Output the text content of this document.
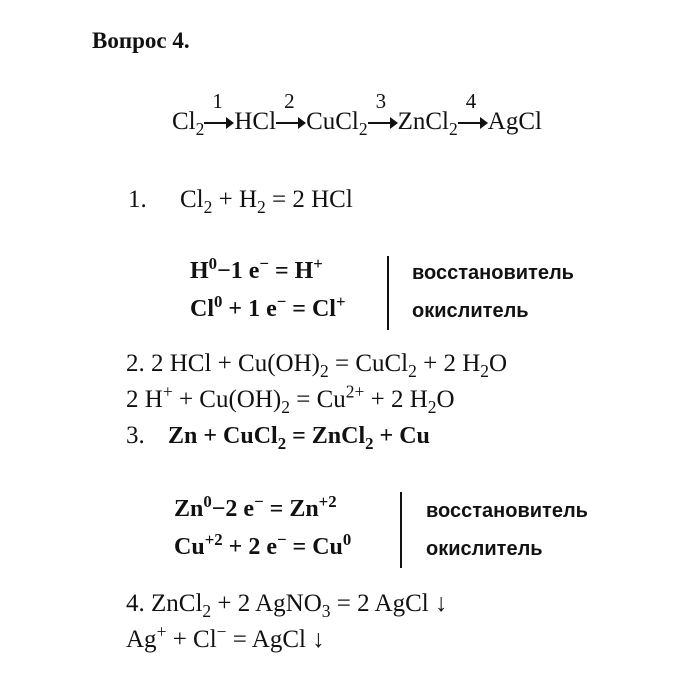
Вопрос 4.
$Cl_2$
1
HCl
2
CuCl$_2$
3
ZnCl$_2$
4
AgCl
1. $Cl_2 + H_2 = 2$ HCl
$H^0-1$ e− = H+
$Cl^0 + 1$ e− = Cl+
восстановитель
окислитель
2. 2 HCl + $Cu(OH)_2$ = CuCl$_2$ + 2 $H_2O$
2 $H^+ + Cu(OH)_2 = Cu^{2+} + 2$ $H_2O$
3. Zn + CuCl$_2$ = ZnCl$_2$ + Cu
$Zn^0-2$ $e^- = Zn^{+2}$
$Cu^{+2} + 2$ $e^- = Cu^0$
восстановитель
окислитель
4. ZnCl$_2$ + 2 AgNO$_3$ = 2 AgCl ↓
Ag+ + Cl− = AgCl ↓
